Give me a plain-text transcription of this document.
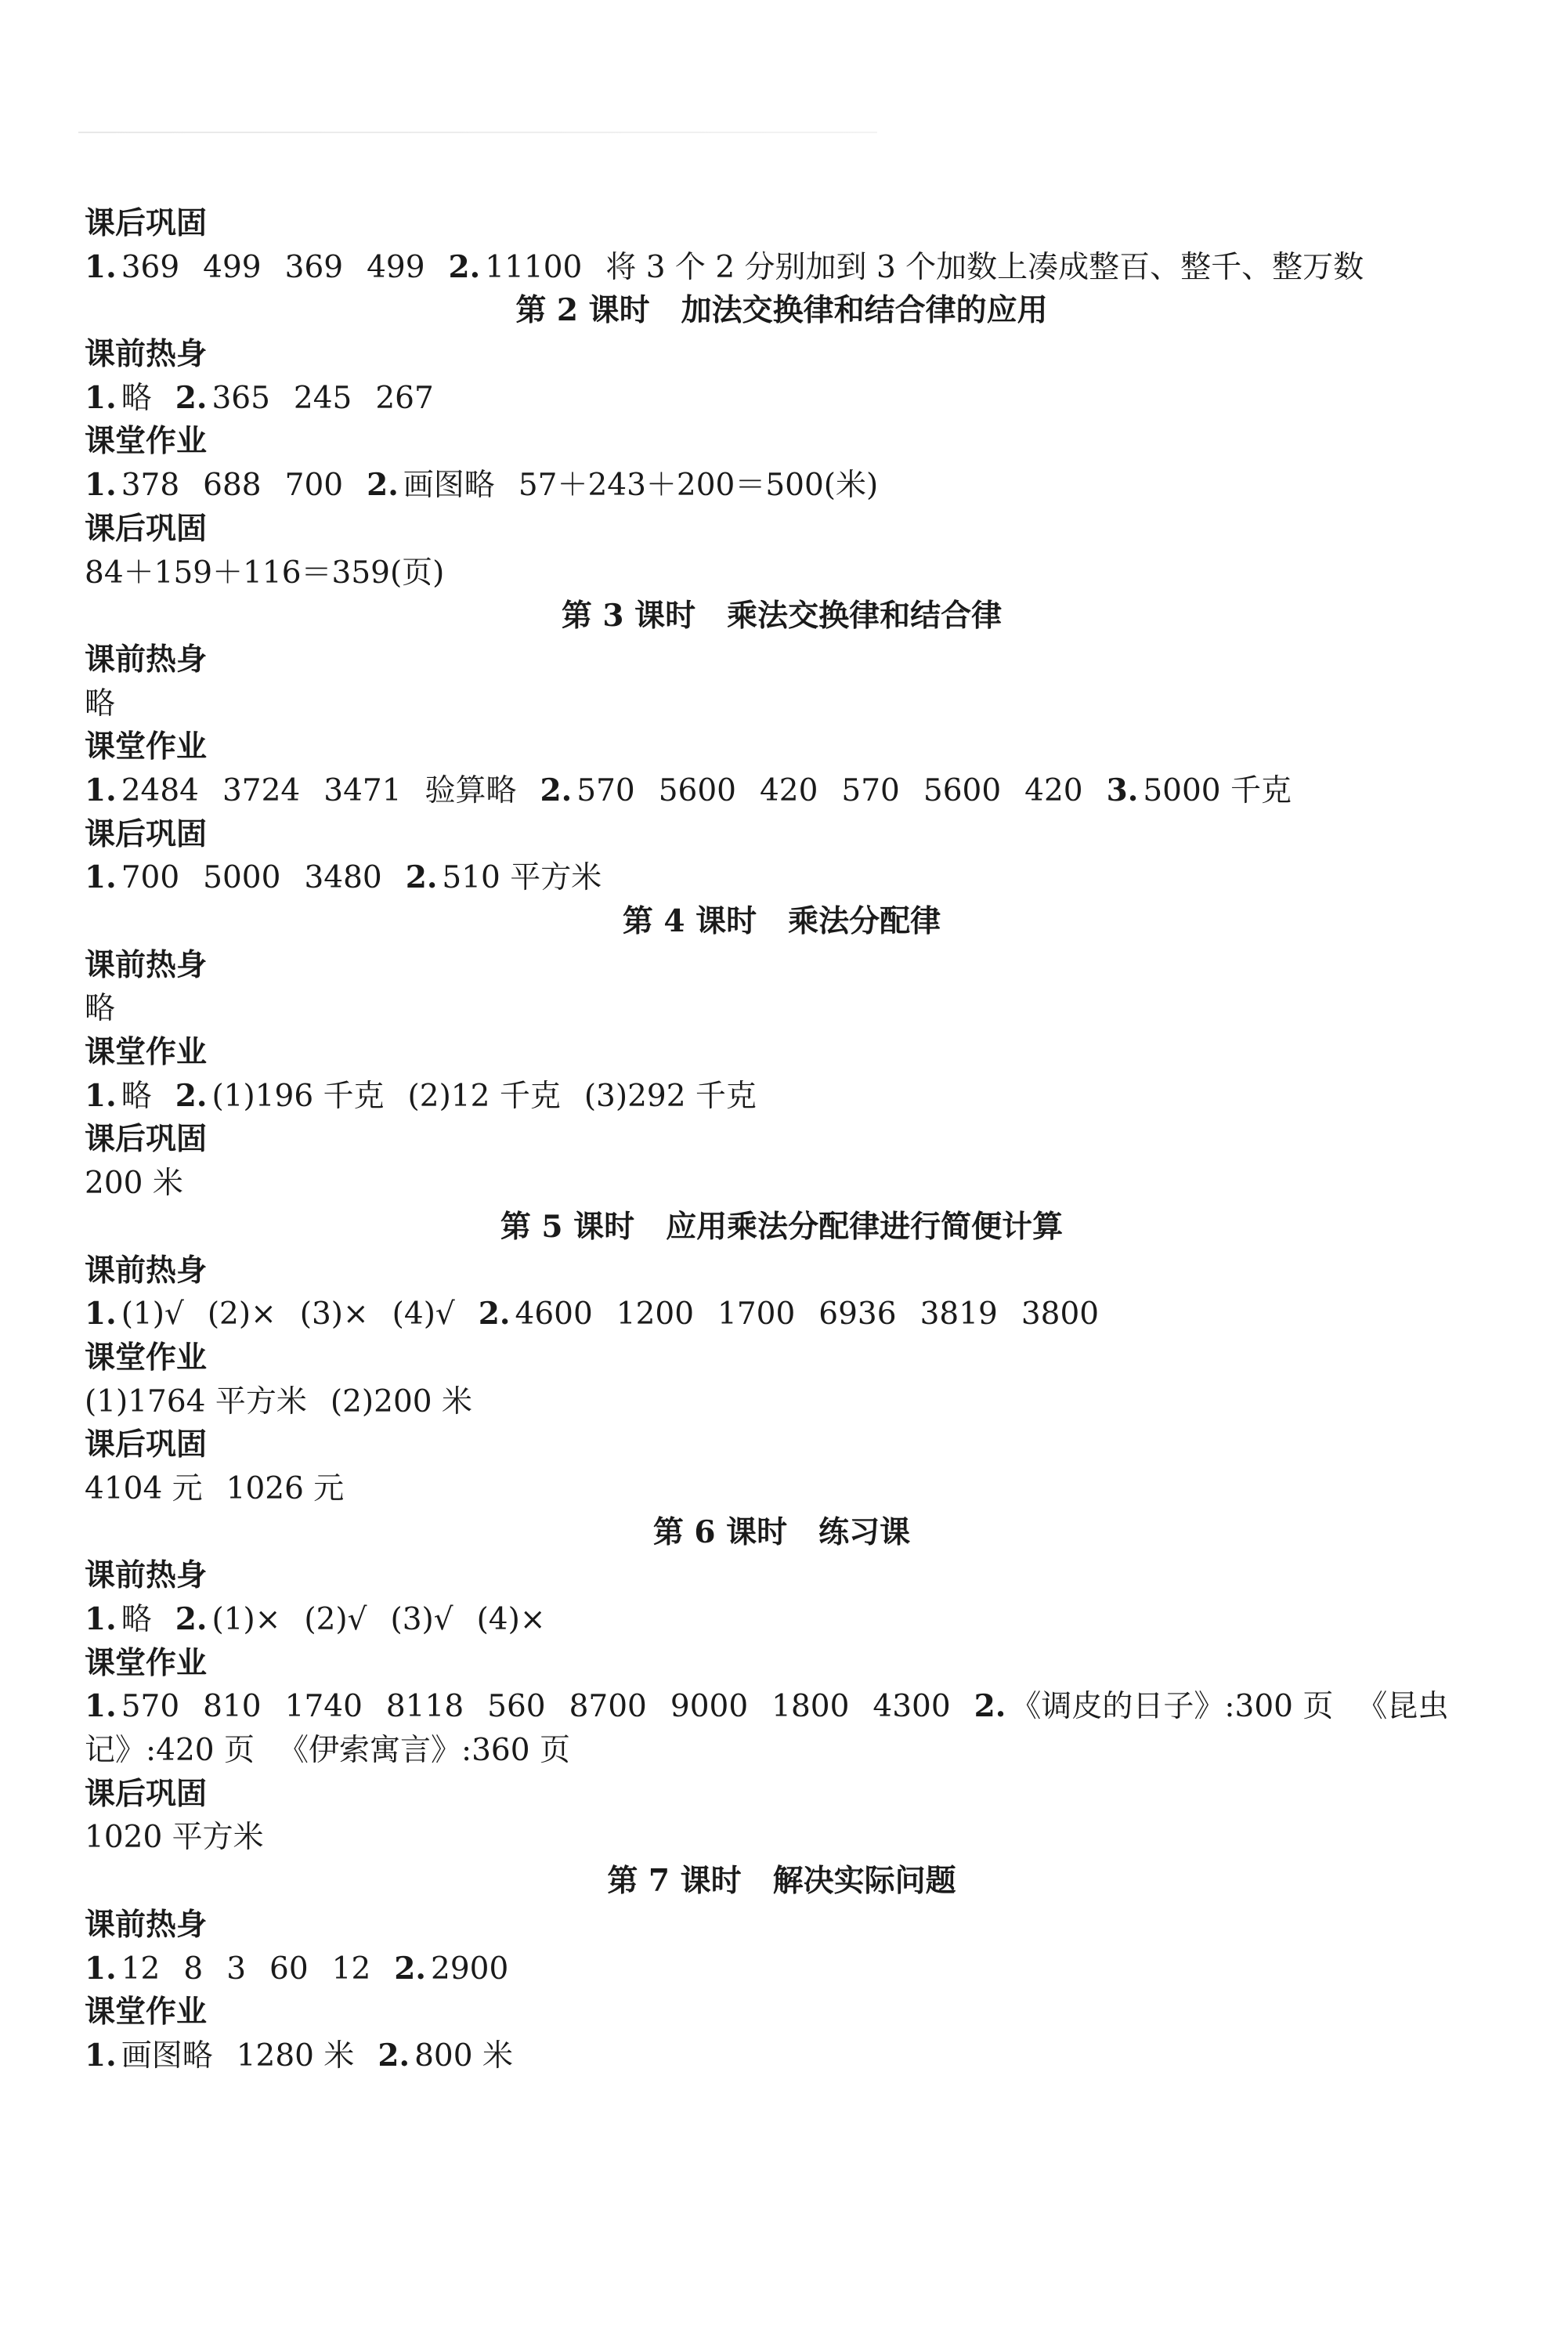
课后巩固
1. 369 499 369 499 2. 11100 将 3 个 2 分别加到 3 个加数上凑成整百、整千、整万数
第 2 课时 加法交换律和结合律的应用
课前热身
1. 略 2. 365 245 267
课堂作业
1. 378 688 700 2. 画图略 57＋243＋200＝500(米)
课后巩固
84＋159＋116＝359(页)
第 3 课时 乘法交换律和结合律
课前热身
略
课堂作业
1. 2484 3724 3471 验算略 2. 570 5600 420 570 5600 420 3. 5000 千克
课后巩固
1. 700 5000 3480 2. 510 平方米
第 4 课时 乘法分配律
课前热身
略
课堂作业
1. 略 2. (1)196 千克 (2)12 千克 (3)292 千克
课后巩固
200 米
第 5 课时 应用乘法分配律进行简便计算
课前热身
1. (1)√ (2)× (3)× (4)√ 2. 4600 1200 1700 6936 3819 3800
课堂作业
(1)1764 平方米 (2)200 米
课后巩固
4104 元 1026 元
第 6 课时 练习课
课前热身
1. 略 2. (1)× (2)√ (3)√ (4)×
课堂作业
1. 570 810 1740 8118 560 8700 9000 1800 4300 2. 《调皮的日子》:300 页 《昆虫
记》:420 页 《伊索寓言》:360 页
课后巩固
1020 平方米
第 7 课时 解决实际问题
课前热身
1. 12 8 3 60 12 2. 2900
课堂作业
1. 画图略 1280 米 2. 800 米
